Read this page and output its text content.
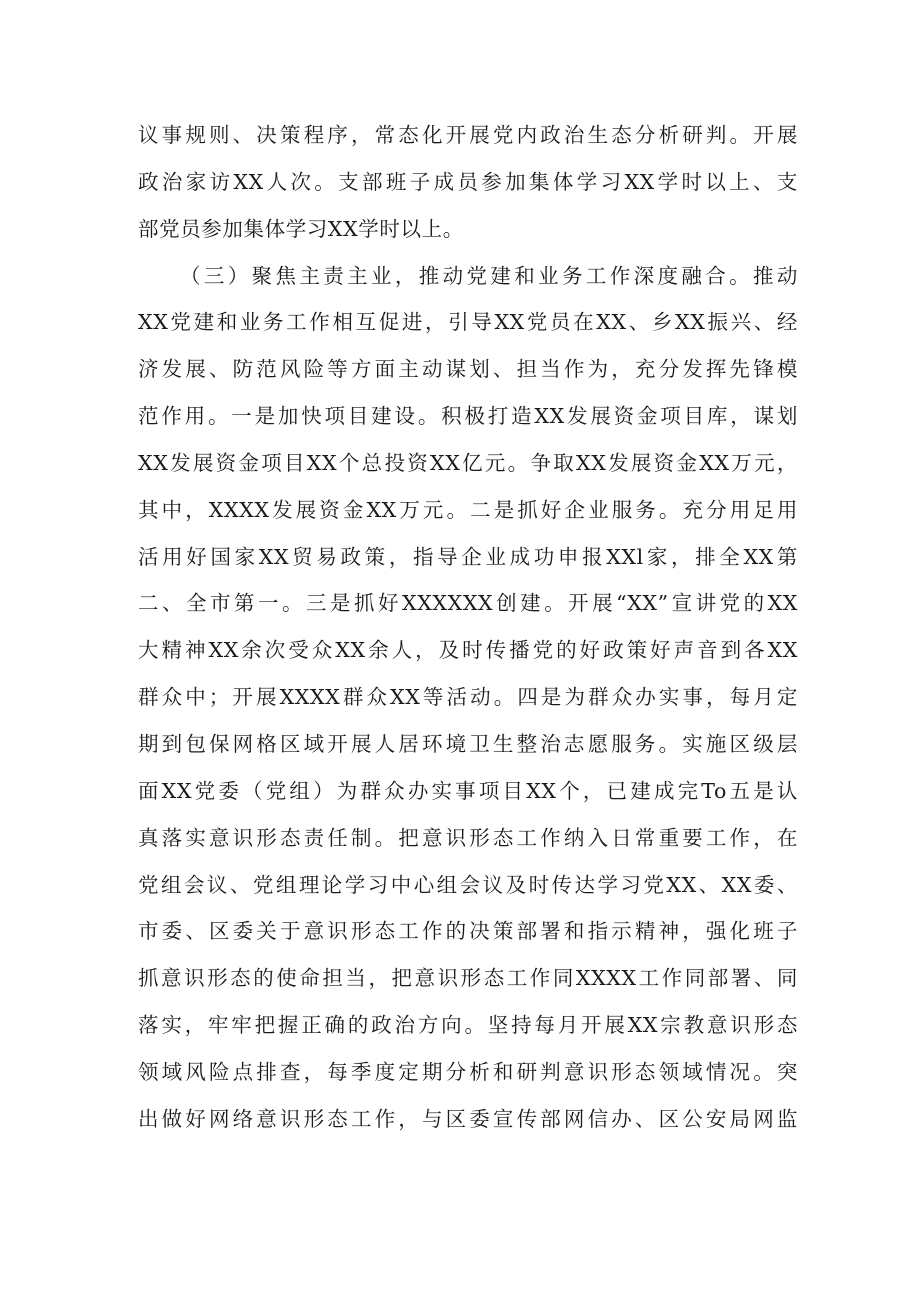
议事规则、决策程序，常态化开展党内政治生态分析研判。开展
政治家访XX人次。支部班子成员参加集体学习XX学时以上、支
部党员参加集体学习XX学时以上。
（三）聚焦主责主业，推动党建和业务工作深度融合。推动
XX党建和业务工作相互促进，引导XX党员在XX、乡XX振兴、经
济发展、防范风险等方面主动谋划、担当作为，充分发挥先锋模
范作用。一是加快项目建设。积极打造XX发展资金项目库，谋划
XX发展资金项目XX个总投资XX亿元。争取XX发展资金XX万元，
其中，XXXX发展资金XX万元。二是抓好企业服务。充分用足用
活用好国家XX贸易政策，指导企业成功申报XXl家，排全XX第
二、全市第一。三是抓好XXXXXX创建。开展“XX”宣讲党的XX
大精神XX余次受众XX余人，及时传播党的好政策好声音到各XX
群众中；开展XXXX群众XX等活动。四是为群众办实事，每月定
期到包保网格区域开展人居环境卫生整治志愿服务。实施区级层
面XX党委（党组）为群众办实事项目XX个，已建成完To五是认
真落实意识形态责任制。把意识形态工作纳入日常重要工作，在
党组会议、党组理论学习中心组会议及时传达学习党XX、XX委、
市委、区委关于意识形态工作的决策部署和指示精神，强化班子
抓意识形态的使命担当，把意识形态工作同XXXX工作同部署、同
落实，牢牢把握正确的政治方向。坚持每月开展XX宗教意识形态
领域风险点排查，每季度定期分析和研判意识形态领域情况。突
出做好网络意识形态工作，与区委宣传部网信办、区公安局网监
